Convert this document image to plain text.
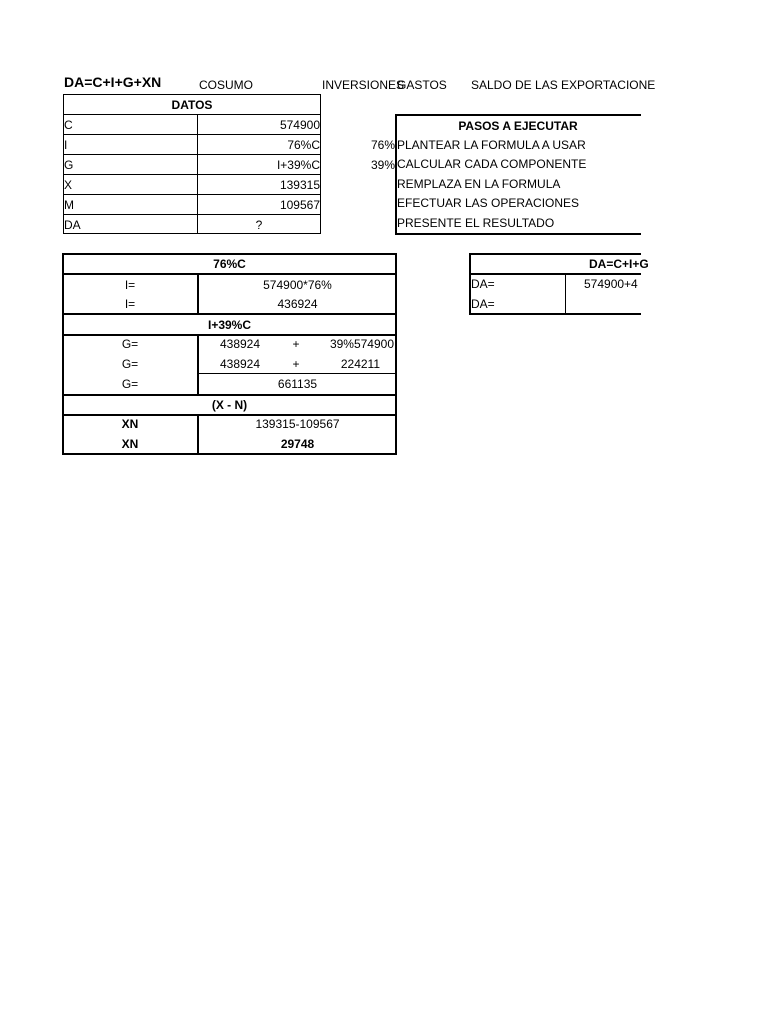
DA=C+I+G+XN	COSUMO	INVERSIONES
GASTOS SALDO DE LAS EXPORTACIONE
DATOS
C	574900
I	76%C
G	I+39%C
X	139315
M	109567
DA	?
76%
39%
PASOS A EJECUTAR
PLANTEAR LA FORMULA A USAR
CALCULAR CADA COMPONENTE
REMPLAZA EN LA FORMULA
EFECTUAR LAS OPERACIONES
PRESENTE EL RESULTADO
76%C
I=	574900*76%
I=	436924
I+39%C
G=	438924	+	39%574900
G=	438924	+	224211
G=	661135
(X - N)
XN	139315-109567
XN	29748
DA=C+I+G
DA=	574900+4
DA=
